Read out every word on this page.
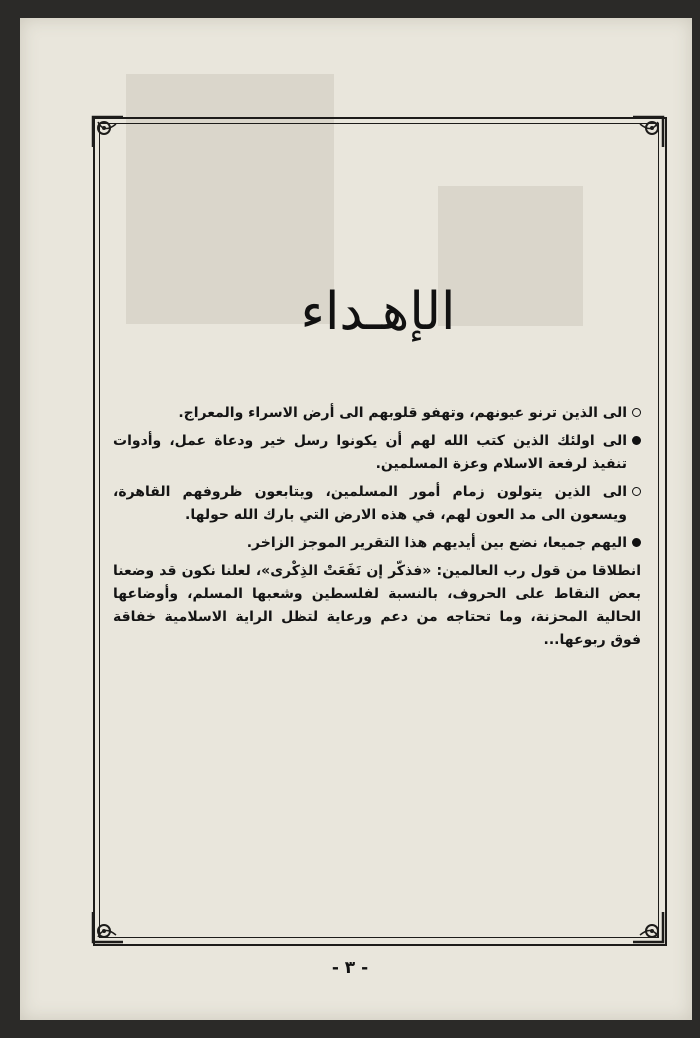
الإهـداء
الى الذين ترنو عيونهم، وتهفو قلوبهم الى أرض الاسراء والمعراج.
الى اولئك الذين كتب الله لهم أن يكونوا رسل خير ودعاة عمل، وأدوات تنفيذ لرفعة الاسلام وعزة المسلمين.
الى الذين يتولون زمام أمور المسلمين، ويتابعون ظروفهم القاهرة، ويسعون الى مد العون لهم، في هذه الارض التي بارك الله حولها.
اليهم جميعا، نضع بين أيديهم هذا التقرير الموجز الزاخر.
انطلاقا من قول رب العالمين: «فذكّر إن نَفَعَتْ الذِكْرى»، لعلنا نكون قد وضعنا بعض النقاط على الحروف، بالنسبة لفلسطين وشعبها المسلم، وأوضاعها الحالية المحزنة، وما تحتاجه من دعم ورعاية لتظل الراية الاسلامية خفاقة فوق ربوعها...
- ٣ -
